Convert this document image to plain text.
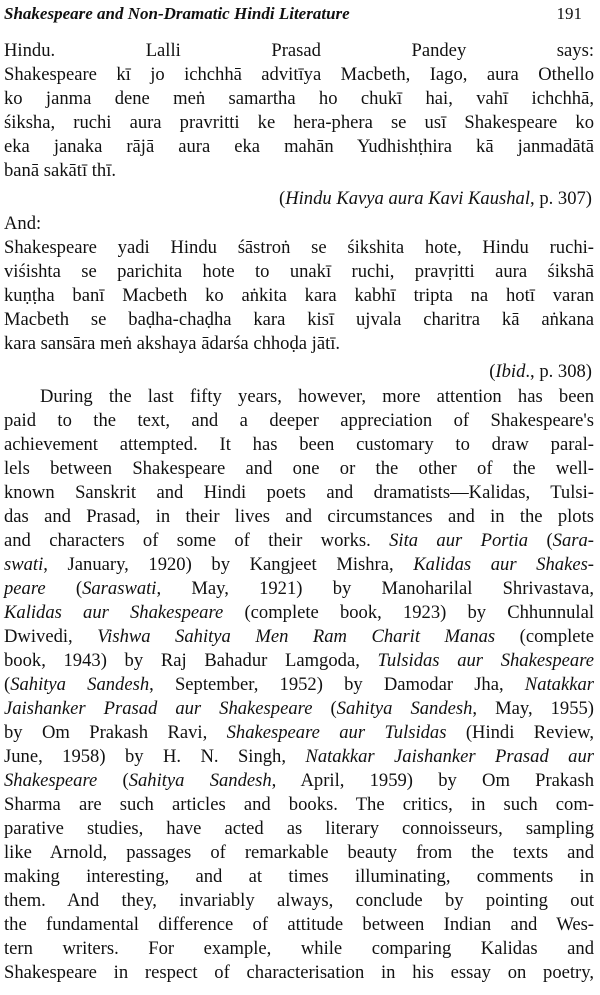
Shakespeare and Non-Dramatic Hindi Literature	191
Hindu. Lalli Prasad Pandey says:
Shakespeare kī jo ichchhā advitīya Macbeth, Iago, aura Othello
ko janma dene meṅ samartha ho chukī hai, vahī ichchhā,
śiksha, ruchi aura pravritti ke hera-phera se usī Shakespeare ko
eka janaka rājā aura eka mahān Yudhishṭhira kā janmadātā
banā sakātī thī.
(Hindu Kavya aura Kavi Kaushal, p. 307)
And:
Shakespeare yadi Hindu śāstroṅ se śikshita hote, Hindu ruchi-
viśishta se parichita hote to unakī ruchi, pravṛitti aura śikshā
kuṇṭha banī Macbeth ko aṅkita kara kabhī tripta na hotī varan
Macbeth se baḍha-chaḍha kara kisī ujvala charitra kā aṅkana
kara sansāra meṅ akshaya ādarśa chhoḍa jātī.
(Ibid., p. 308)
During the last fifty years, however, more attention has been
paid to the text, and a deeper appreciation of Shakespeare's
achievement attempted. It has been customary to draw paral-
lels between Shakespeare and one or the other of the well-
known Sanskrit and Hindi poets and dramatists—Kalidas, Tulsi-
das and Prasad, in their lives and circumstances and in the plots
and characters of some of their works. Sita aur Portia (Sara-
swati, January, 1920) by Kangjeet Mishra, Kalidas aur Shakes-
peare (Saraswati, May, 1921) by Manoharilal Shrivastava,
Kalidas aur Shakespeare (complete book, 1923) by Chhunnulal
Dwivedi, Vishwa Sahitya Men Ram Charit Manas (complete
book, 1943) by Raj Bahadur Lamgoda, Tulsidas aur Shakespeare
(Sahitya Sandesh, September, 1952) by Damodar Jha, Natakkar
Jaishanker Prasad aur Shakespeare (Sahitya Sandesh, May, 1955)
by Om Prakash Ravi, Shakespeare aur Tulsidas (Hindi Review,
June, 1958) by H. N. Singh, Natakkar Jaishanker Prasad aur
Shakespeare (Sahitya Sandesh, April, 1959) by Om Prakash
Sharma are such articles and books. The critics, in such com-
parative studies, have acted as literary connoisseurs, sampling
like Arnold, passages of remarkable beauty from the texts and
making interesting, and at times illuminating, comments in
them. And they, invariably always, conclude by pointing out
the fundamental difference of attitude between Indian and Wes-
tern writers. For example, while comparing Kalidas and
Shakespeare in respect of characterisation in his essay on poetry,
